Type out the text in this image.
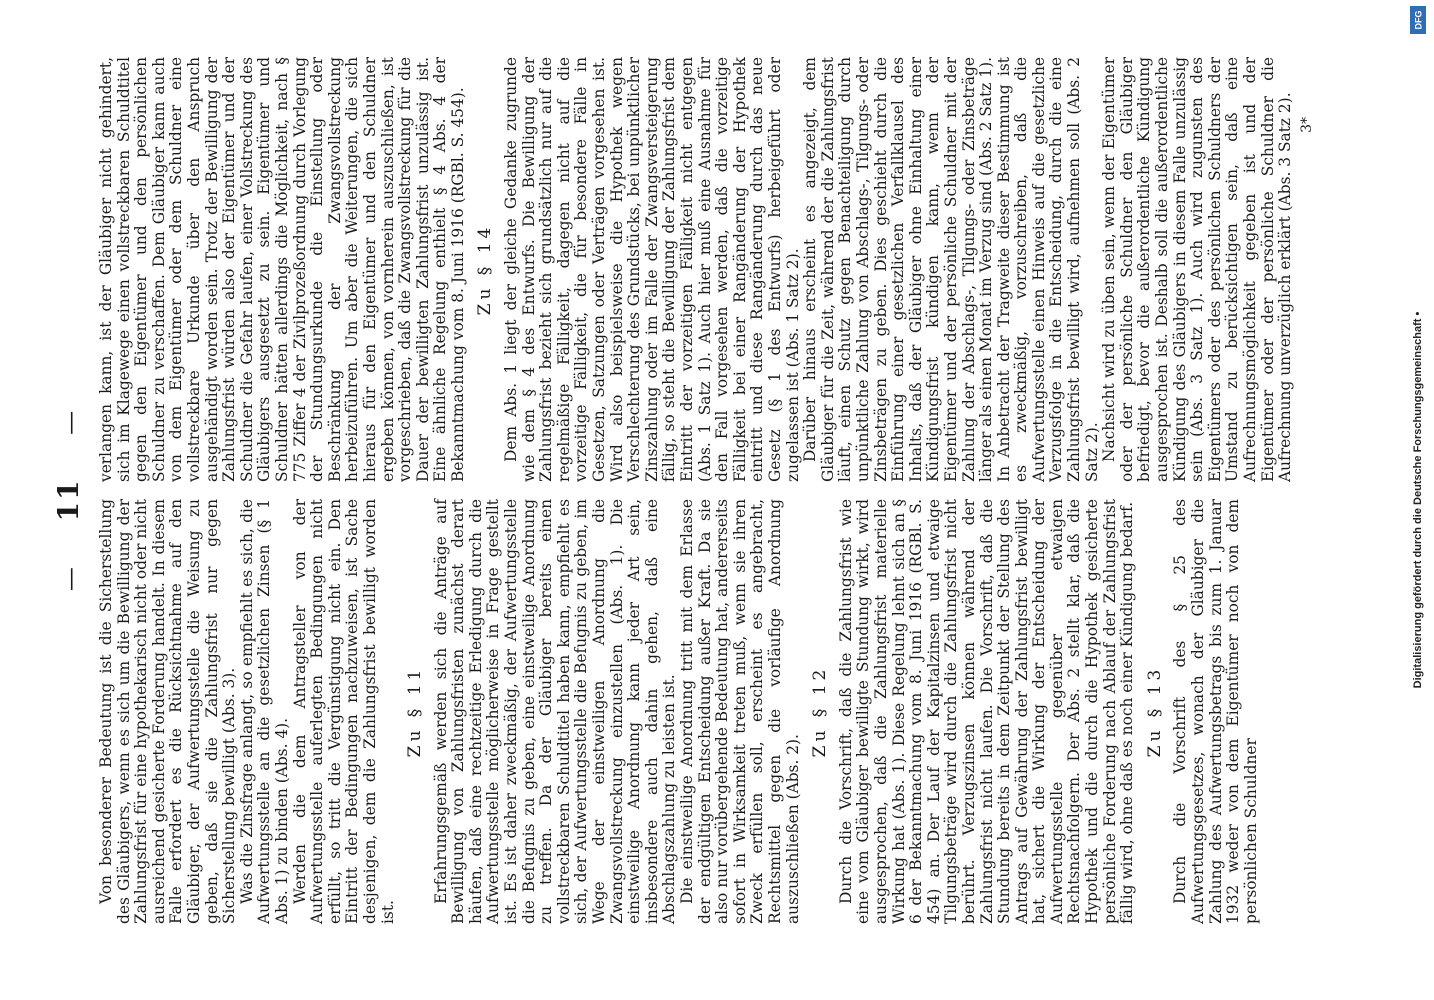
— 11 —

Von besonderer Bedeutung ist die Sicherstellung des Gläubigers, wenn es sich um die Bewilligung der Zahlungsfrist für eine hypothekarisch nicht oder nicht ausreichend gesicherte Forderung handelt. In diesem Falle erfordert es die Rücksichtnahme auf den Gläubiger, der Aufwertungsstelle die Weisung zu geben, daß sie die Zahlungsfrist nur gegen Sicherstellung bewilligt (Abs. 3). Was die Zinsfrage anlangt, so empfiehlt es sich, die Aufwertungsstelle an die gesetzlichen Zinsen (§ 1 Abs. 1) zu binden (Abs. 4). Werden die dem Antragsteller von der Aufwertungsstelle auferlegten Bedingungen nicht erfüllt, so tritt die Vergünstigung nicht ein. Den Eintritt der Bedingungen nachzuweisen, ist Sache desjenigen, dem die Zahlungsfrist bewilligt worden ist.

Zu § 11 Erfahrungsgemäß werden sich die Anträge auf Bewilligung von Zahlungsfristen zunächst derart häufen, daß eine rechtzeitige Erledigung durch die Aufwertungsstelle möglicherweise in Frage gestellt ist. Es ist daher zweckmäßig, der Aufwertungsstelle die Befugnis zu geben, eine einstweilige Anordnung zu treffen. Da der Gläubiger bereits einen vollstreckbaren Schuldtitel haben kann, empfiehlt es sich, der Aufwertungsstelle die Befugnis zu geben, im Wege der einstweiligen Anordnung die Zwangsvollstreckung einzustellen (Abs. 1). Die einstweilige Anordnung kann jeder Art sein, insbesondere auch dahin gehen, daß eine Abschlagszahlung zu leisten ist. Die einstweilige Anordnung tritt mit dem Erlasse der endgültigen Entscheidung außer Kraft. Da sie also nur vorübergehende Bedeutung hat, andererseits sofort in Wirksamkeit treten muß, wenn sie ihren Zweck erfüllen soll, erscheint es angebracht, Rechtsmittel gegen die vorläufige Anordnung auszuschließen (Abs. 2).

Zu § 12 Durch die Vorschrift, daß die Zahlungsfrist wie eine vom Gläubiger bewilligte Stundung wirkt, wird ausgesprochen, daß die Zahlungsfrist materielle Wirkung hat (Abs. 1). Diese Regelung lehnt sich an § 6 der Bekanntmachung vom 8. Juni 1916 (RGBl. S. 454) an. Der Lauf der Kapitalzinsen und etwaige Tilgungsbeträge wird durch die Zahlungsfrist nicht berührt. Verzugszinsen können während der Zahlungsfrist nicht laufen. Die Vorschrift, daß die Stundung bereits in dem Zeitpunkt der Stellung des Antrags auf Gewährung der Zahlungsfrist bewilligt hat, sichert die Wirkung der Entscheidung der Aufwertungsstelle gegenüber etwaigen Rechtsnachfolgern. Der Abs. 2 stellt klar, daß die Hypothek und die durch die Hypothek gesicherte persönliche Forderung nach Ablauf der Zahlungsfrist fällig wird, ohne daß es noch einer Kündigung bedarf. Zu § 13 Durch die Vorschrift des § 25 des Aufwertungsgesetzes, wonach der Gläubiger die Zahlung des Aufwertungsbetrags bis zum 1. Januar 1932 weder von dem Eigentümer noch von dem persönlichen Schuldner

verlangen kann, ist der Gläubiger nicht gehindert, sich im Klagewege einen vollstreckbaren Schuldtitel gegen den Eigentümer und den persönlichen Schuldner zu verschaffen. Dem Gläubiger kann auch von dem Eigentümer oder dem Schuldner eine vollstreckbare Urkunde über den Anspruch ausgehändigt worden sein. Trotz der Bewilligung der Zahlungsfrist würden also der Eigentümer und der Schuldner die Gefahr laufen, einer Vollstreckung des Gläubigers ausgesetzt zu sein. Eigentümer und Schuldner hätten allerdings die Möglichkeit, nach § 775 Ziffer 4 der Zivilprozeßordnung durch Vorlegung der Stundungsurkunde die Einstellung oder Beschränkung der Zwangsvollstreckung herbeizuführen. Um aber die Weiterungen, die sich hieraus für den Eigentümer und den Schuldner ergeben können, von vornherein auszuschließen, ist vorgeschrieben, daß die Zwangsvollstreckung für die Dauer der bewilligten Zahlungsfrist unzulässig ist. Eine ähnliche Regelung enthielt § 4 Abs. 4 der Bekanntmachung vom 8. Juni 1916 (RGBl. S. 454). Zu § 14 Dem Abs. 1 liegt der gleiche Gedanke zugrunde wie dem § 4 des Entwurfs. Die Bewilligung der Zahlungsfrist bezieht sich grundsätzlich nur auf die regelmäßige Fälligkeit, dagegen nicht auf die vorzeitige Fälligkeit, die für besondere Fälle in Gesetzen, Satzungen oder Verträgen vorgesehen ist. Wird also beispielsweise die Hypothek wegen Verschlechterung des Grundstücks, bei unpünktlicher Zinszahlung oder im Falle der Zwangsversteigerung fällig, so steht die Bewilligung der Zahlungsfrist dem Eintritt der vorzeitigen Fälligkeit nicht entgegen (Abs. 1 Satz 1). Auch hier muß eine Ausnahme für den Fall vorgesehen werden, daß die vorzeitige Fälligkeit bei einer Rangänderung der Hypothek eintritt und diese Rangänderung durch das neue Gesetz (§ 1 des Entwurfs) herbeigeführt oder zugelassen ist (Abs. 1 Satz 2). Darüber hinaus erscheint es angezeigt, dem Gläubiger für die Zeit, während der die Zahlungsfrist läuft, einen Schutz gegen Benachteiligung durch unpünktliche Zahlung von Abschlags-, Tilgungs- oder Zinsbeträgen zu geben. Dies geschieht durch die Einführung einer gesetzlichen Verfallklausel des Inhalts, daß der Gläubiger ohne Einhaltung einer Kündigungsfrist kündigen kann, wenn der Eigentümer und der persönliche Schuldner mit der Zahlung der Abschlags-, Tilgungs- oder Zinsbeträge länger als einen Monat im Verzug sind (Abs. 2 Satz 1). In Anbetracht der Tragweite dieser Bestimmung ist es zweckmäßig, vorzuschreiben, daß die Aufwertungsstelle einen Hinweis auf die gesetzliche Verzugsfolge in die Entscheidung, durch die eine Zahlungsfrist bewilligt wird, aufnehmen soll (Abs. 2 Satz 2). Nachsicht wird zu üben sein, wenn der Eigentümer oder der persönliche Schuldner den Gläubiger befriedigt, bevor die außerordentliche Kündigung ausgesprochen ist. Deshalb soll die außerordentliche Kündigung des Gläubigers in diesem Falle unzulässig sein (Abs. 3 Satz 1). Auch wird zugunsten des Eigentümers oder des persönlichen Schuldners der Umstand zu berücksichtigen sein, daß eine Aufrechnungsmöglichkeit gegeben ist und der Eigentümer oder der persönliche Schuldner die Aufrechnung unverzüglich erklärt (Abs. 3 Satz 2). 3*
DFG
Digitalisierung gefördert durch die Deutsche Forschungsgemeinschaft •
